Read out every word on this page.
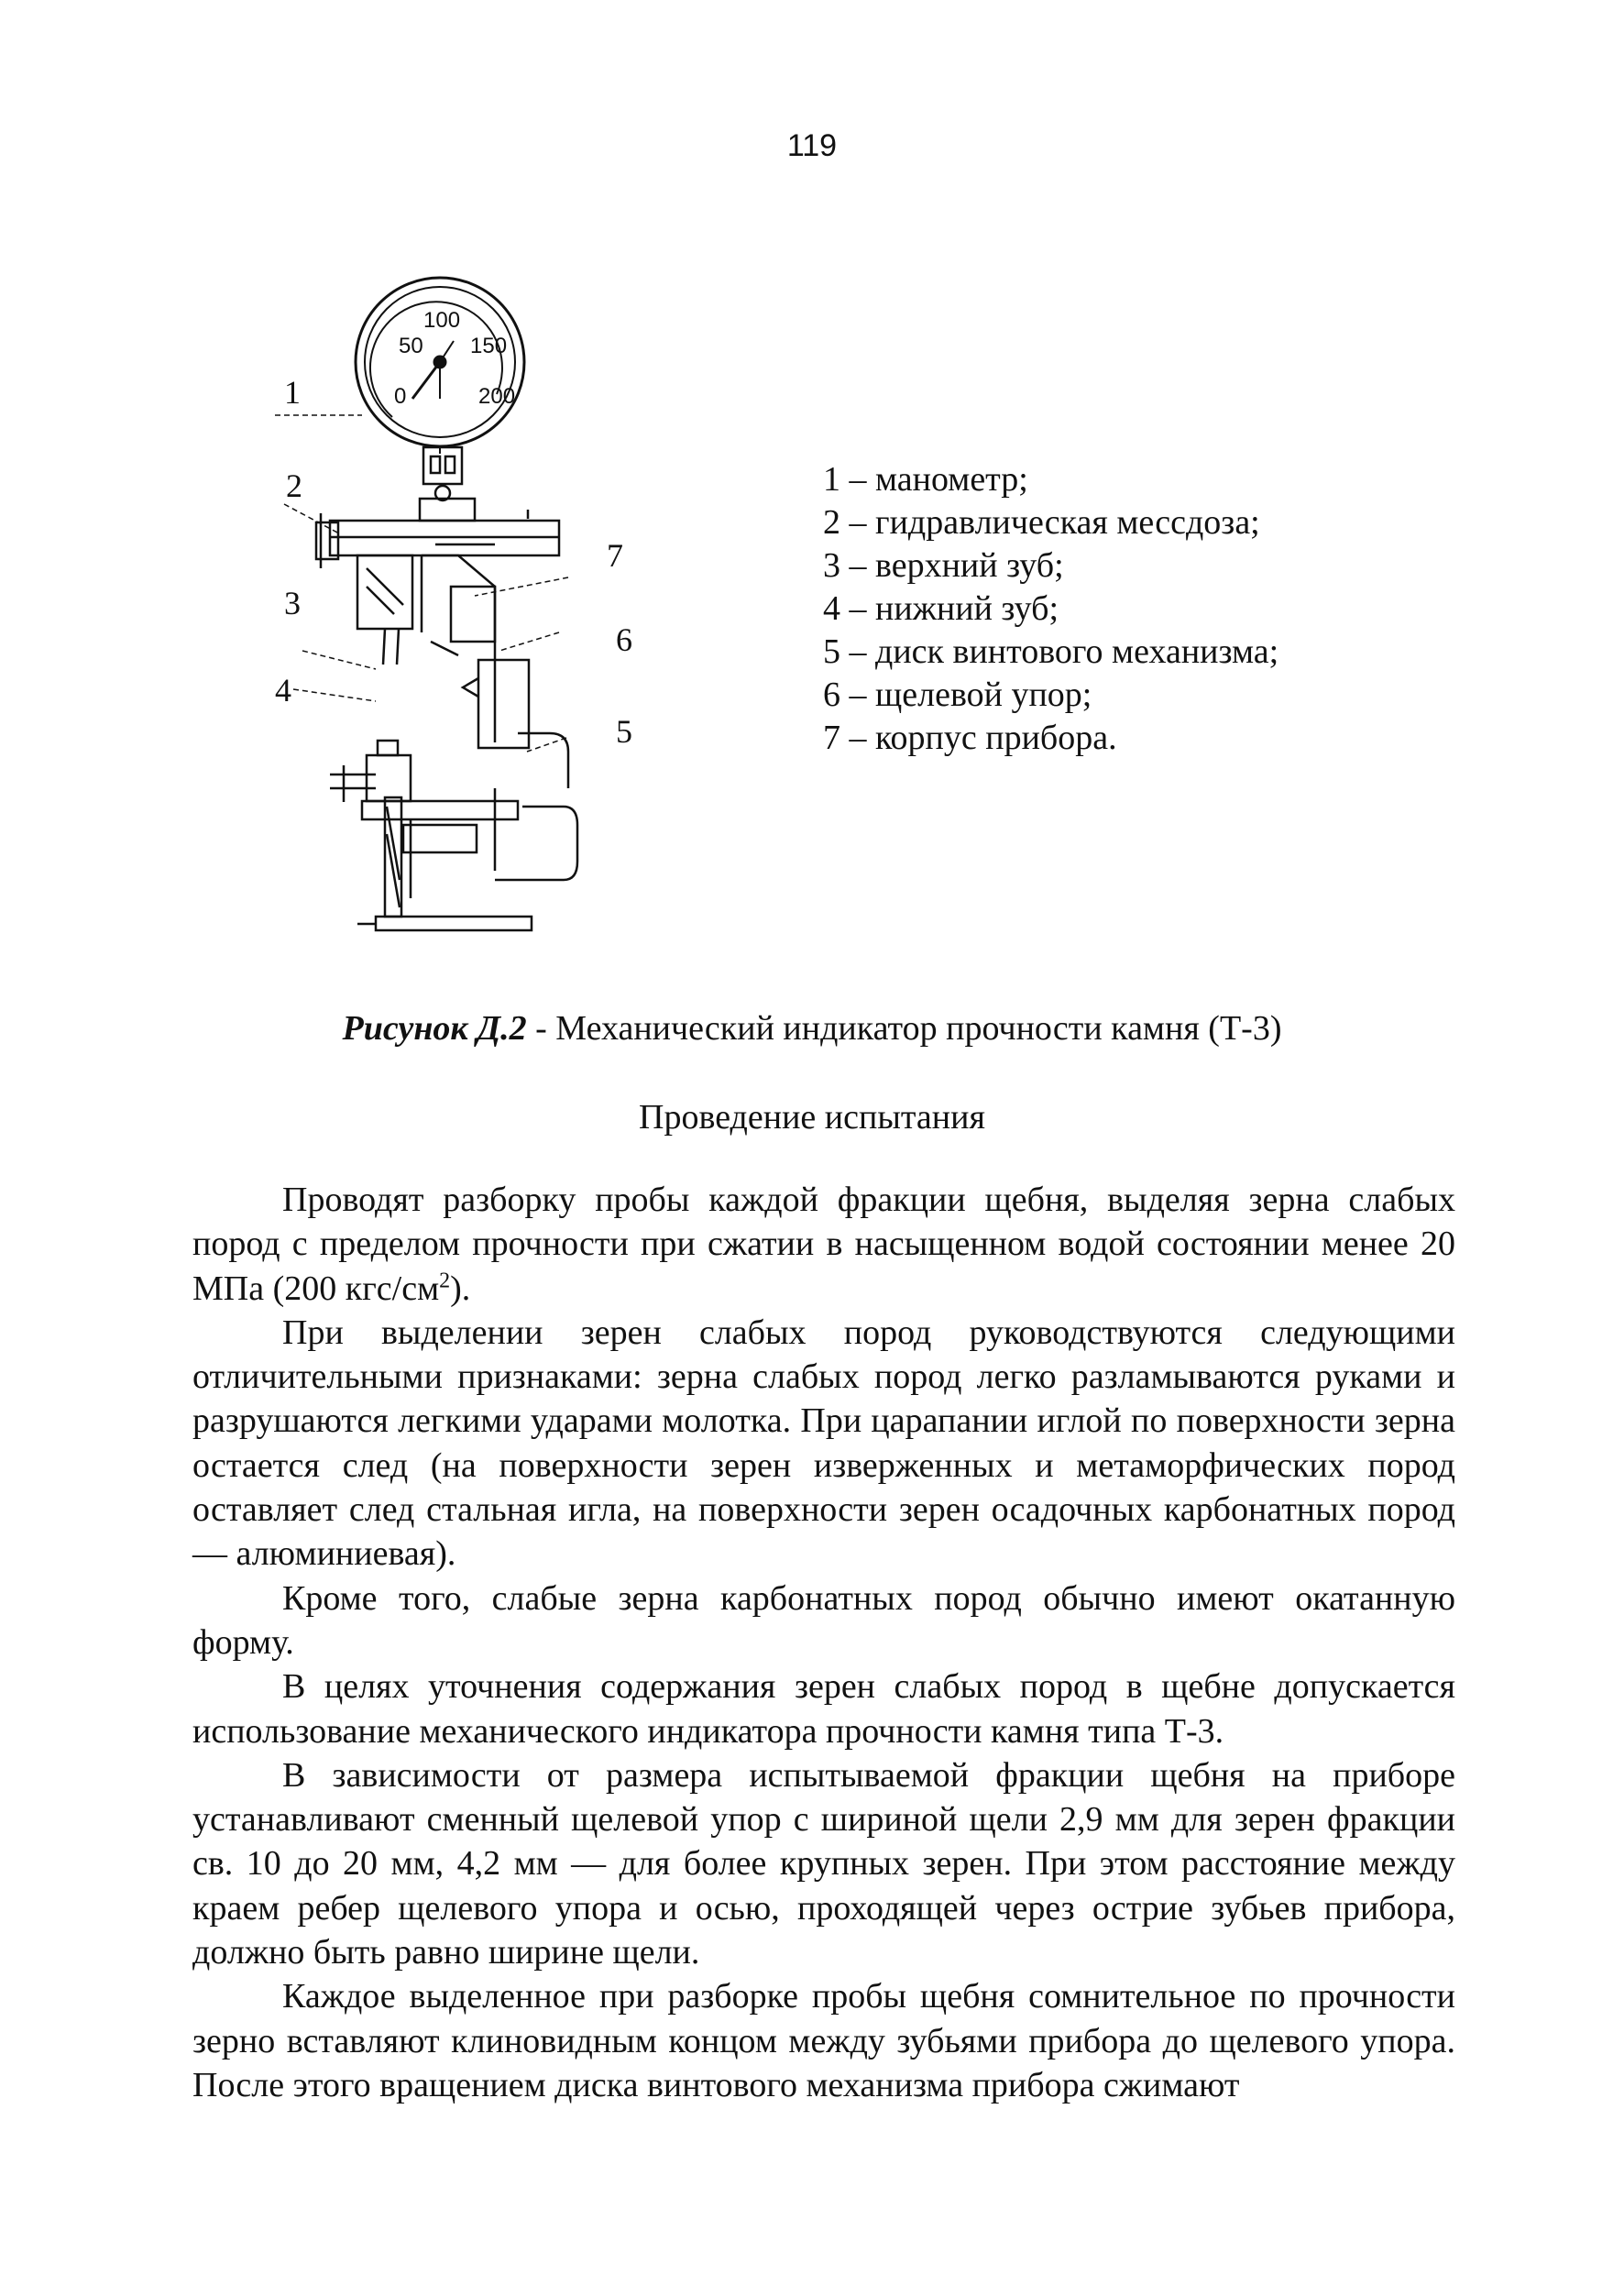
119
100
50 150
0	200
1
2
3
4
7
6
5
1 – манометр;
2 – гидравлическая мессдоза;
3 – верхний зуб;
4 – нижний зуб;
5 – диск винтового механизма;
6 – щелевой упор;
7 – корпус прибора.
Рисунок Д.2 - Механический индикатор прочности камня (Т-3)
Проведение испытания

Проводят разборку пробы каждой фракции щебня, выделяя зерна слабых пород с пределом прочности при сжатии в насыщенном водой состоянии менее 20 МПа (200 кгс/$см^2$).

При выделении зерен слабых пород руководствуются следующими отличительными признаками: зерна слабых пород легко разламываются руками и разрушаются легкими ударами молотка. При царапании иглой по поверхности зерна остается след (на поверхности зерен изверженных и метаморфических пород оставляет след стальная игла, на поверхности зерен осадочных карбонатных пород — алюминиевая).

Кроме того, слабые зерна карбонатных пород обычно имеют окатанную форму.

В целях уточнения содержания зерен слабых пород в щебне допускается использование механического индикатора прочности камня типа Т-3.

В зависимости от размера испытываемой фракции щебня на приборе устанавливают сменный щелевой упор с шириной щели 2,9 мм для зерен фракции св. 10 до 20 мм, 4,2 мм — для более крупных зерен. При этом расстояние между краем ребер щелевого упора и осью, проходящей через острие зубьев прибора, должно быть равно ширине щели.

Каждое выделенное при разборке пробы щебня сомнительное по прочности зерно вставляют клиновидным концом между зубьями прибора до щелевого упора. После этого вращением диска винтового механизма прибора сжимают
